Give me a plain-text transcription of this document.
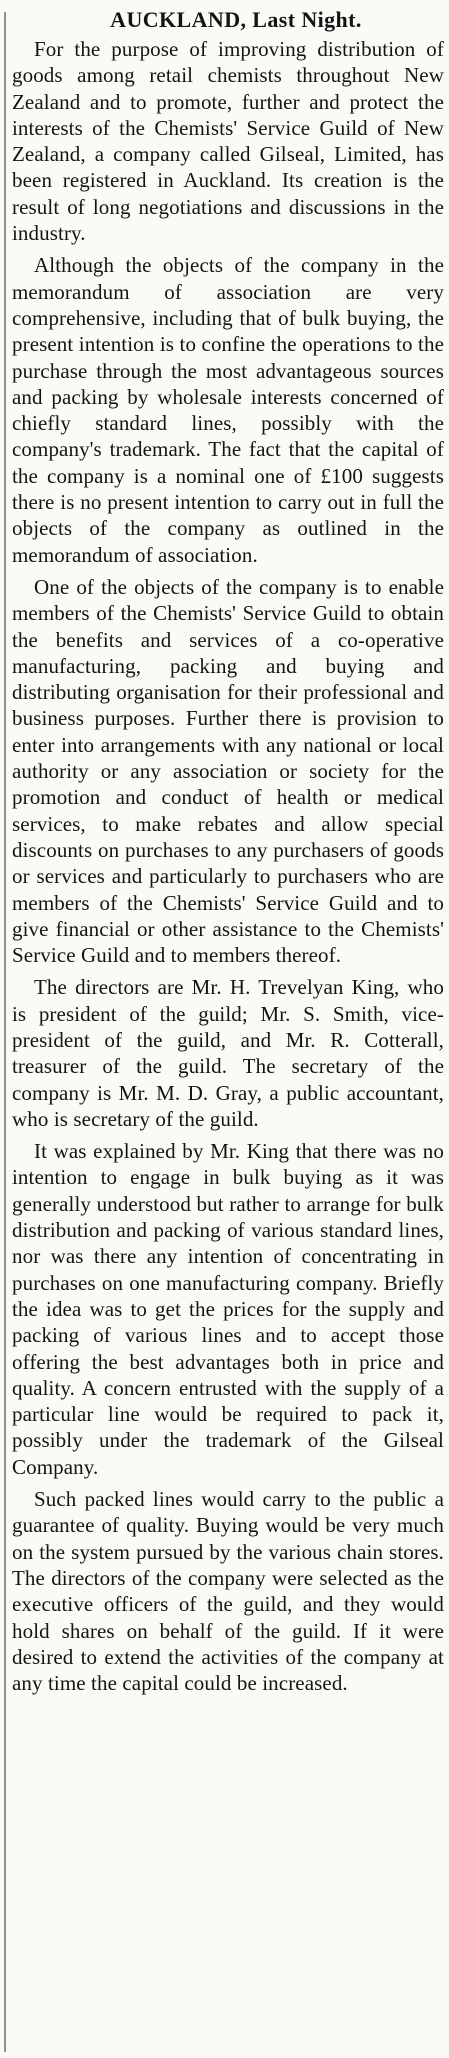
AUCKLAND, Last Night.

For the purpose of improving distribution of goods among retail chemists throughout New Zealand and to promote, further and protect the interests of the Chemists' Service Guild of New Zealand, a company called Gilseal, Limited, has been registered in Auckland. Its creation is the result of long negotiations and discussions in the industry.

Although the objects of the company in the memorandum of association are very comprehensive, including that of bulk buying, the present intention is to confine the operations to the purchase through the most advantageous sources and packing by wholesale interests concerned of chiefly standard lines, possibly with the company's trademark. The fact that the capital of the company is a nominal one of £100 suggests there is no present intention to carry out in full the objects of the company as outlined in the memorandum of association.

One of the objects of the company is to enable members of the Chemists' Service Guild to obtain the benefits and services of a co-operative manufacturing, packing and buying and distributing organisation for their professional and business purposes. Further there is provision to enter into arrangements with any national or local authority or any association or society for the promotion and conduct of health or medical services, to make rebates and allow special discounts on purchases to any purchasers of goods or services and particularly to purchasers who are members of the Chemists' Service Guild and to give financial or other assistance to the Chemists' Service Guild and to members thereof.

The directors are Mr. H. Trevelyan King, who is president of the guild; Mr. S. Smith, vice-president of the guild, and Mr. R. Cotterall, treasurer of the guild. The secretary of the company is Mr. M. D. Gray, a public accountant, who is secretary of the guild.

It was explained by Mr. King that there was no intention to engage in bulk buying as it was generally understood but rather to arrange for bulk distribution and packing of various standard lines, nor was there any intention of concentrating in purchases on one manufacturing company. Briefly the idea was to get the prices for the supply and packing of various lines and to accept those offering the best advantages both in price and quality. A concern entrusted with the supply of a particular line would be required to pack it, possibly under the trademark of the Gilseal Company.

Such packed lines would carry to the public a guarantee of quality. Buying would be very much on the system pursued by the various chain stores. The directors of the company were selected as the executive officers of the guild, and they would hold shares on behalf of the guild. If it were desired to extend the activities of the company at any time the capital could be increased.
